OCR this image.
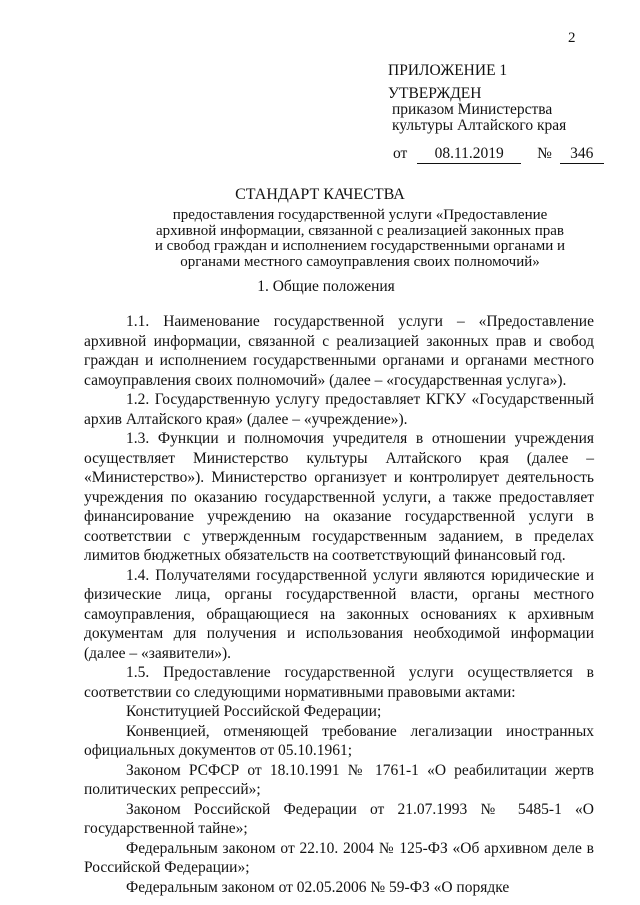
2
ПРИЛОЖЕНИЕ 1
УТВЕРЖДЕН
приказом Министерства
культуры Алтайского края
от 08.11.2019 № 346
СТАНДАРТ КАЧЕСТВА
предоставления государственной услуги «Предоставление
архивной информации, связанной с реализацией законных прав
и свобод граждан и исполнением государственными органами и
органами местного самоуправления своих полномочий»
1. Общие положения

1.1. Наименование государственной услуги – «Предоставление архивной информации, связанной с реализацией законных прав и свобод граждан и исполнением государственными органами и органами местного самоуправления своих полномочий» (далее – «государственная услуга»).

1.2. Государственную услугу предоставляет КГКУ «Государственный архив Алтайского края» (далее – «учреждение»).

1.3. Функции и полномочия учредителя в отношении учреждения осуществляет Министерство культуры Алтайского края (далее – «Министерство»). Министерство организует и контролирует деятельность учреждения по оказанию государственной услуги, а также предоставляет финансирование учреждению на оказание государственной услуги в соответствии с утвержденным государственным заданием, в пределах лимитов бюджетных обязательств на соответствующий финансовый год.

1.4. Получателями государственной услуги являются юридические и физические лица, органы государственной власти, органы местного самоуправления, обращающиеся на законных основаниях к архивным документам для получения и использования необходимой информации (далее – «заявители»).

1.5. Предоставление государственной услуги осуществляется в соответствии со следующими нормативными правовыми актами:

Конституцией Российской Федерации;

Конвенцией, отменяющей требование легализации иностранных официальных документов от 05.10.1961;

Законом РСФСР от 18.10.1991 № 1761-1 «О реабилитации жертв политических репрессий»;

Законом Российской Федерации от 21.07.1993 № 5485-1 «О государственной тайне»;

Федеральным законом от 22.10. 2004 № 125-ФЗ «Об архивном деле в Российской Федерации»;

Федеральным законом от 02.05.2006 № 59-ФЗ «О порядке
